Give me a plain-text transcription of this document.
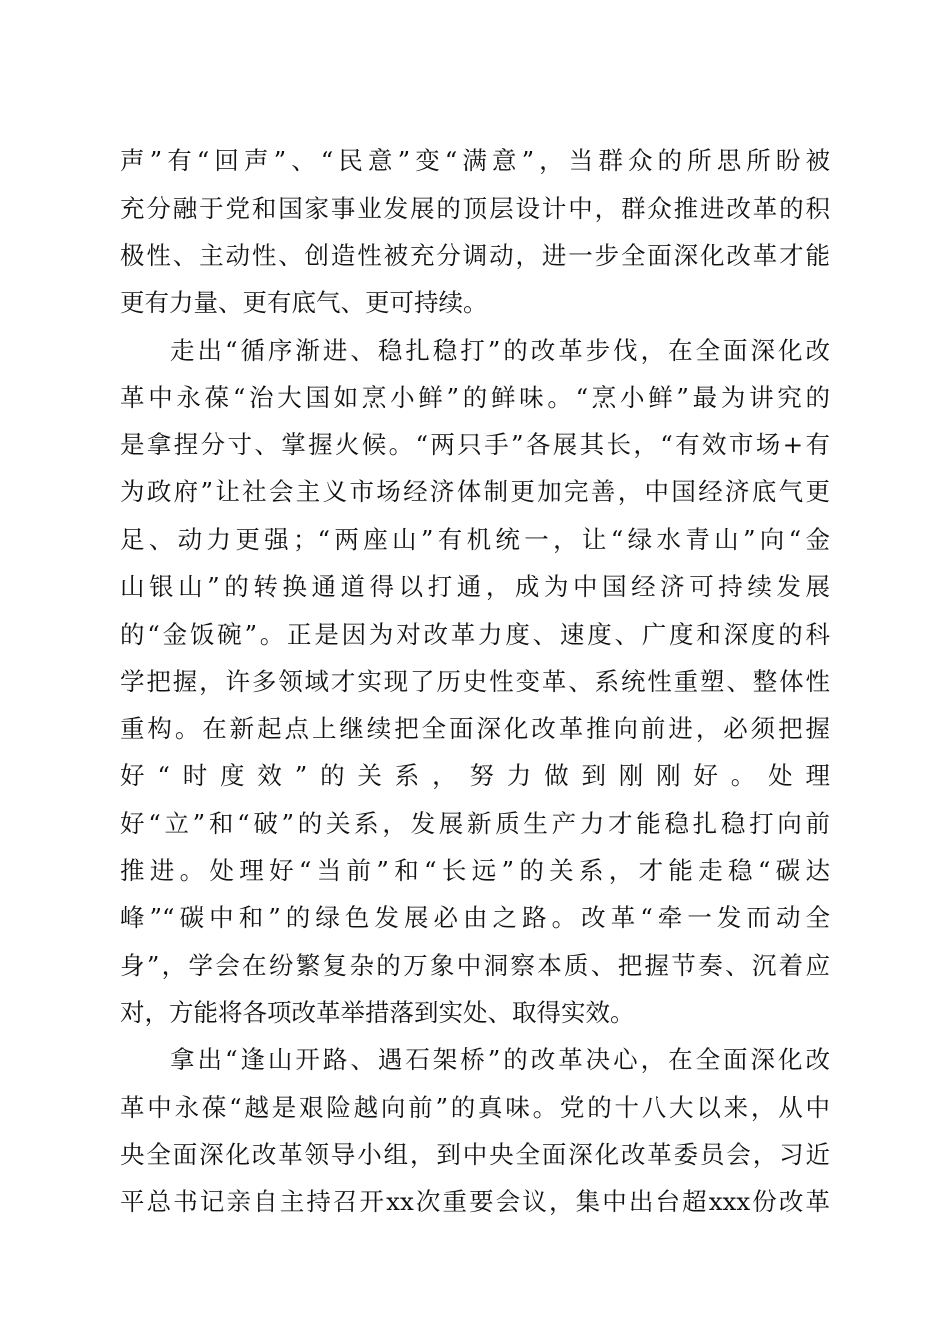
声”有“回声”、“民意”变“满意”，当群众的所思所盼被
充分融于党和国家事业发展的顶层设计中，群众推进改革的积
极性、主动性、创造性被充分调动，进一步全面深化改革才能
更有力量、更有底气、更可持续。
走出“循序渐进、稳扎稳打”的改革步伐，在全面深化改
革中永葆“治大国如烹小鲜”的鲜味。“烹小鲜”最为讲究的
是拿捏分寸、掌握火候。“两只手”各展其长，“有效市场+有
为政府”让社会主义市场经济体制更加完善，中国经济底气更
足、动力更强；“两座山”有机统一，让“绿水青山”向“金
山银山”的转换通道得以打通，成为中国经济可持续发展
的“金饭碗”。正是因为对改革力度、速度、广度和深度的科
学把握，许多领域才实现了历史性变革、系统性重塑、整体性
重构。在新起点上继续把全面深化改革推向前进，必须把握
好“时度效”的关系，努力做到刚刚好。处理
好“立”和“破”的关系，发展新质生产力才能稳扎稳打向前
推进。处理好“当前”和“长远”的关系，才能走稳“碳达
峰”“碳中和”的绿色发展必由之路。改革“牵一发而动全
身”，学会在纷繁复杂的万象中洞察本质、把握节奏、沉着应
对，方能将各项改革举措落到实处、取得实效。
拿出“逢山开路、遇石架桥”的改革决心，在全面深化改
革中永葆“越是艰险越向前”的真味。党的十八大以来，从中
央全面深化改革领导小组，到中央全面深化改革委员会，习近
平总书记亲自主持召开xx次重要会议，集中出台超xxx份改革
